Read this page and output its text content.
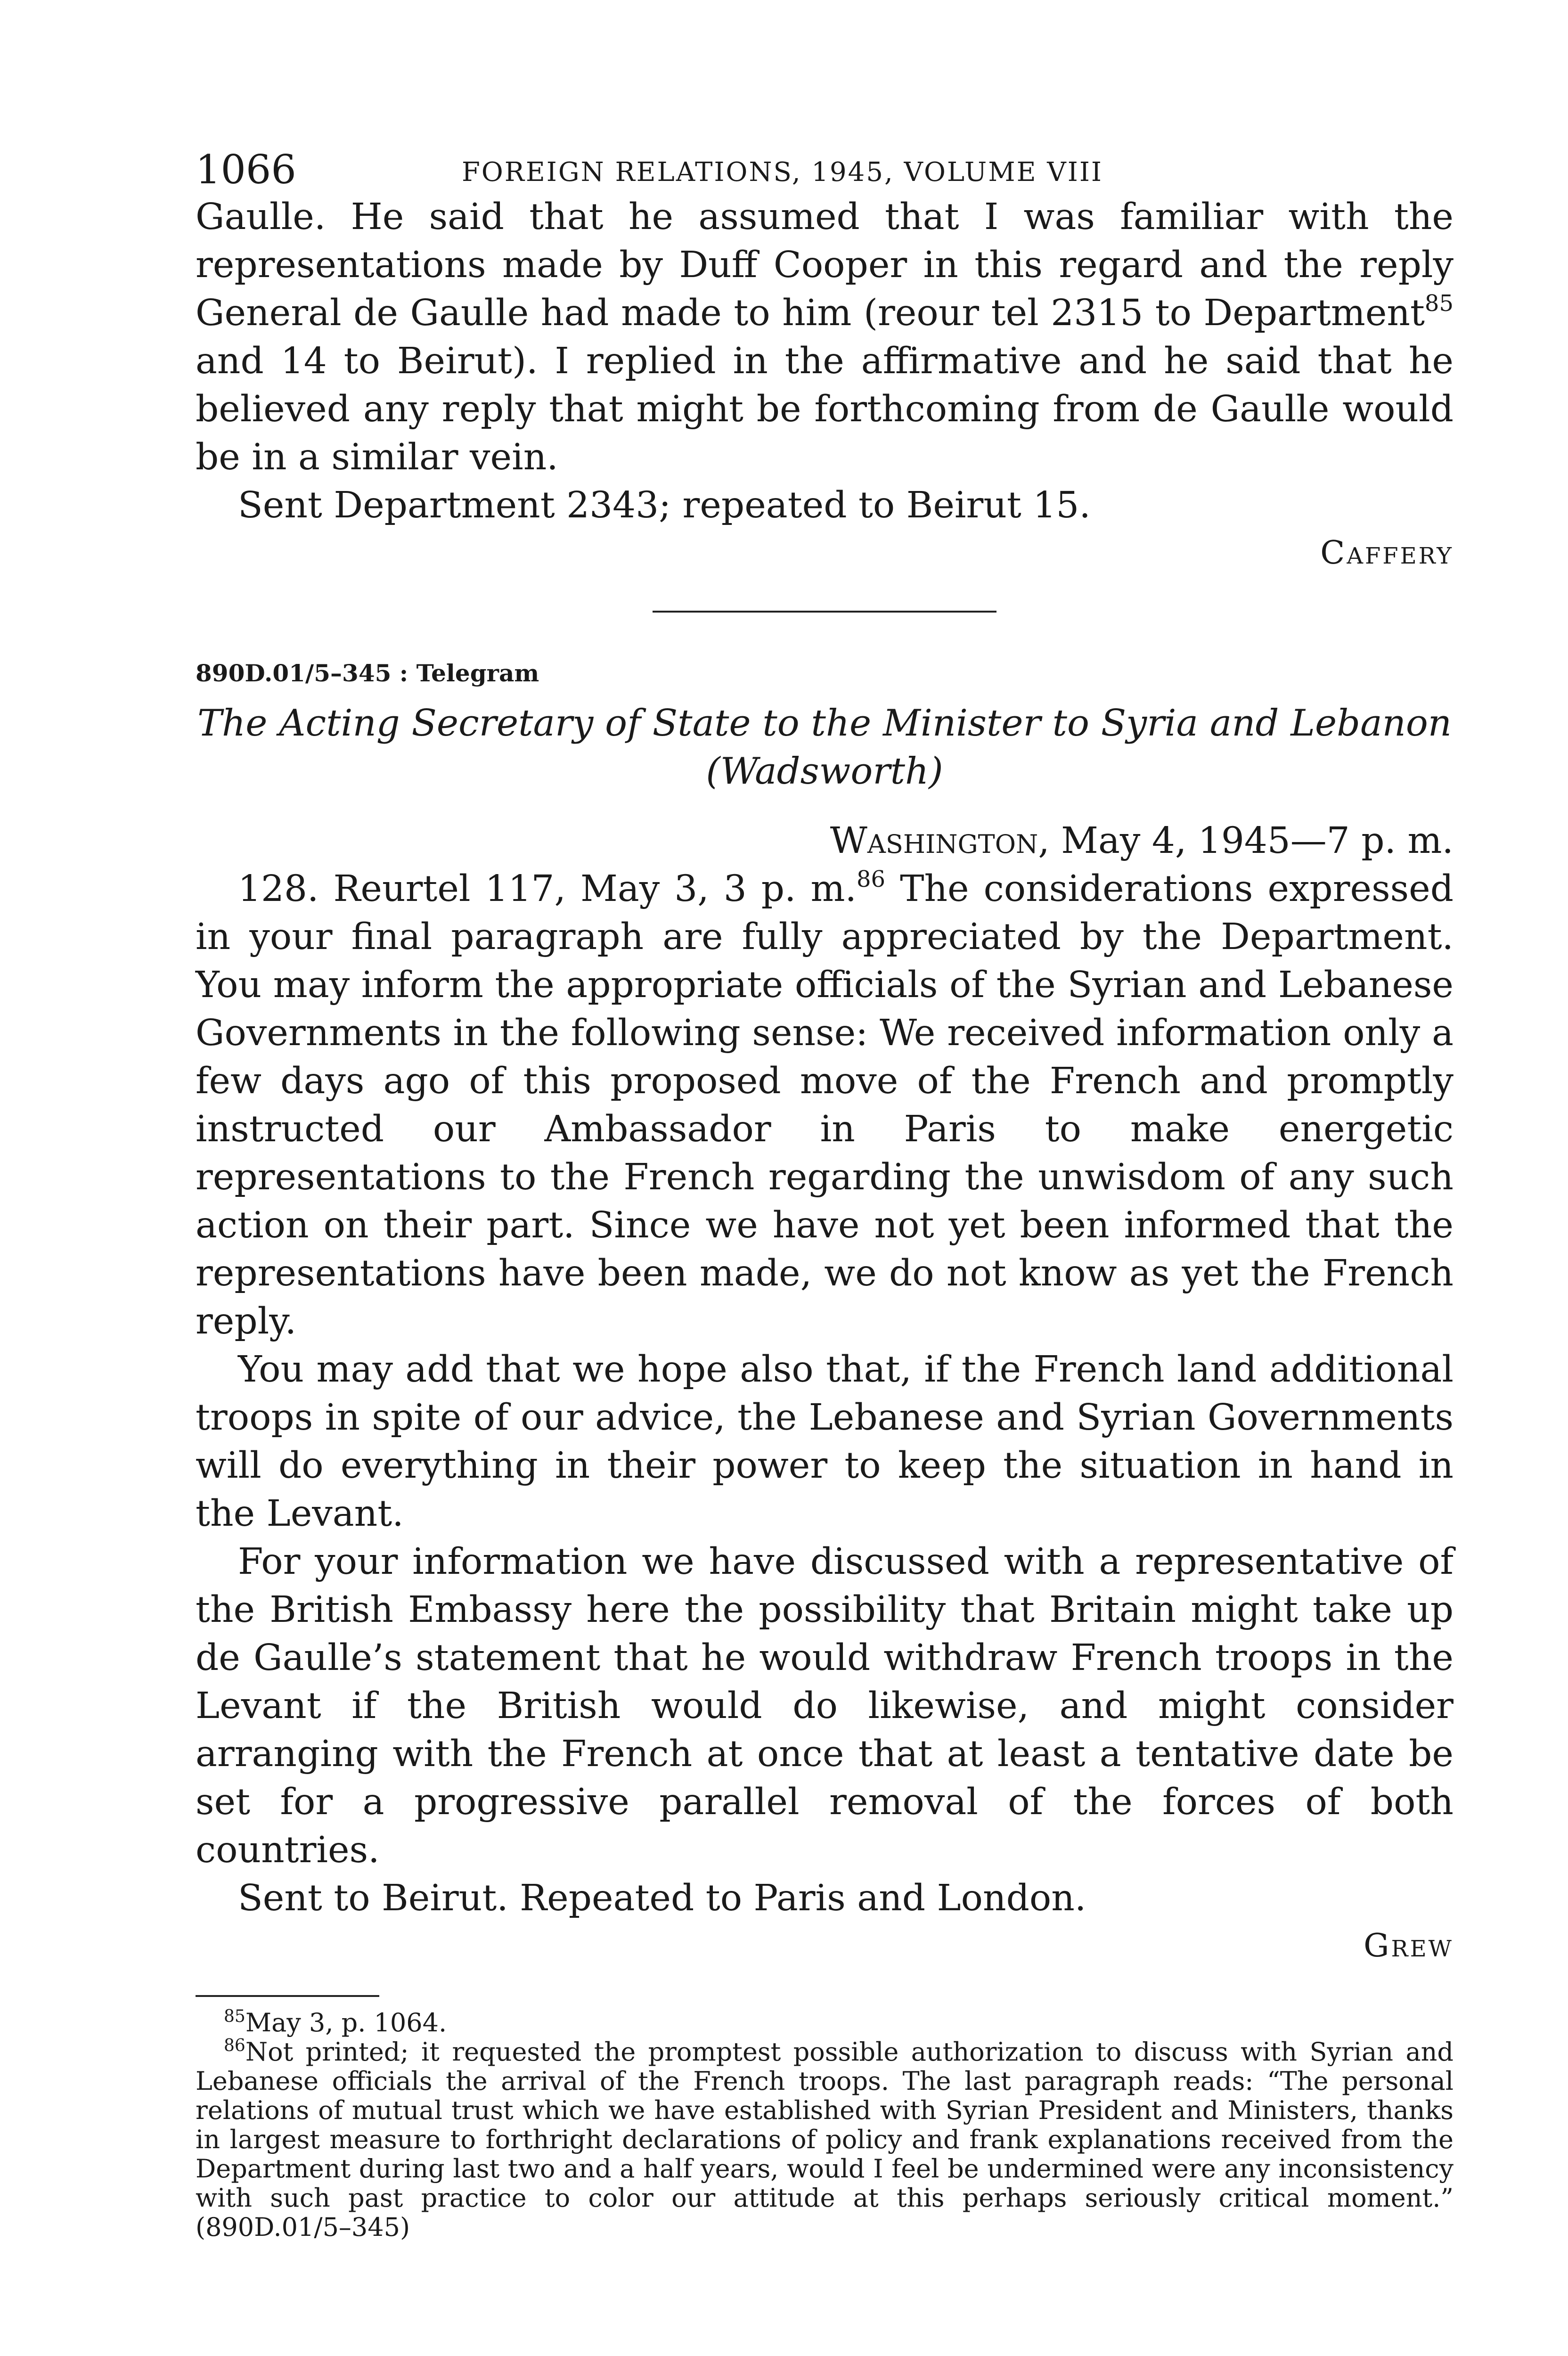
1066	FOREIGN RELATIONS, 1945, VOLUME VIII

Gaulle. He said that he assumed that I was familiar with the representations made by Duff Cooper in this regard and the reply General de Gaulle had made to him (reour tel 2315 to Department$^{85}$ and 14 to Beirut). I replied in the affirmative and he said that he believed any reply that might be forthcoming from de Gaulle would be in a similar vein.

Sent Department 2343; repeated to Beirut 15.

Caffery

890D.01/5–345 : Telegram

The Acting Secretary of State to the Minister to Syria and Lebanon
(Wadsworth)

Washington, May 4, 1945—7 p. m.

128. Reurtel 117, May 3, 3 p. m.$^{86}$ The considerations expressed in your final paragraph are fully appreciated by the Department. You may inform the appropriate officials of the Syrian and Lebanese Governments in the following sense: We received information only a few days ago of this proposed move of the French and promptly instructed our Ambassador in Paris to make energetic representations to the French regarding the unwisdom of any such action on their part. Since we have not yet been informed that the representations have been made, we do not know as yet the French reply.

You may add that we hope also that, if the French land additional troops in spite of our advice, the Lebanese and Syrian Governments will do everything in their power to keep the situation in hand in the Levant.

For your information we have discussed with a representative of the British Embassy here the possibility that Britain might take up de Gaulle’s statement that he would withdraw French troops in the Levant if the British would do likewise, and might consider arranging with the French at once that at least a tentative date be set for a progressive parallel removal of the forces of both countries.

Sent to Beirut. Repeated to Paris and London.

Grew

$^{85}$May 3, p. 1064.

$^{86}$Not printed; it requested the promptest possible authorization to discuss with Syrian and Lebanese officials the arrival of the French troops. The last paragraph reads: “The personal relations of mutual trust which we have established with Syrian President and Ministers, thanks in largest measure to forthright declarations of policy and frank explanations received from the Department during last two and a half years, would I feel be undermined were any inconsistency with such past practice to color our attitude at this perhaps seriously critical moment.” (890D.01/5–345)
